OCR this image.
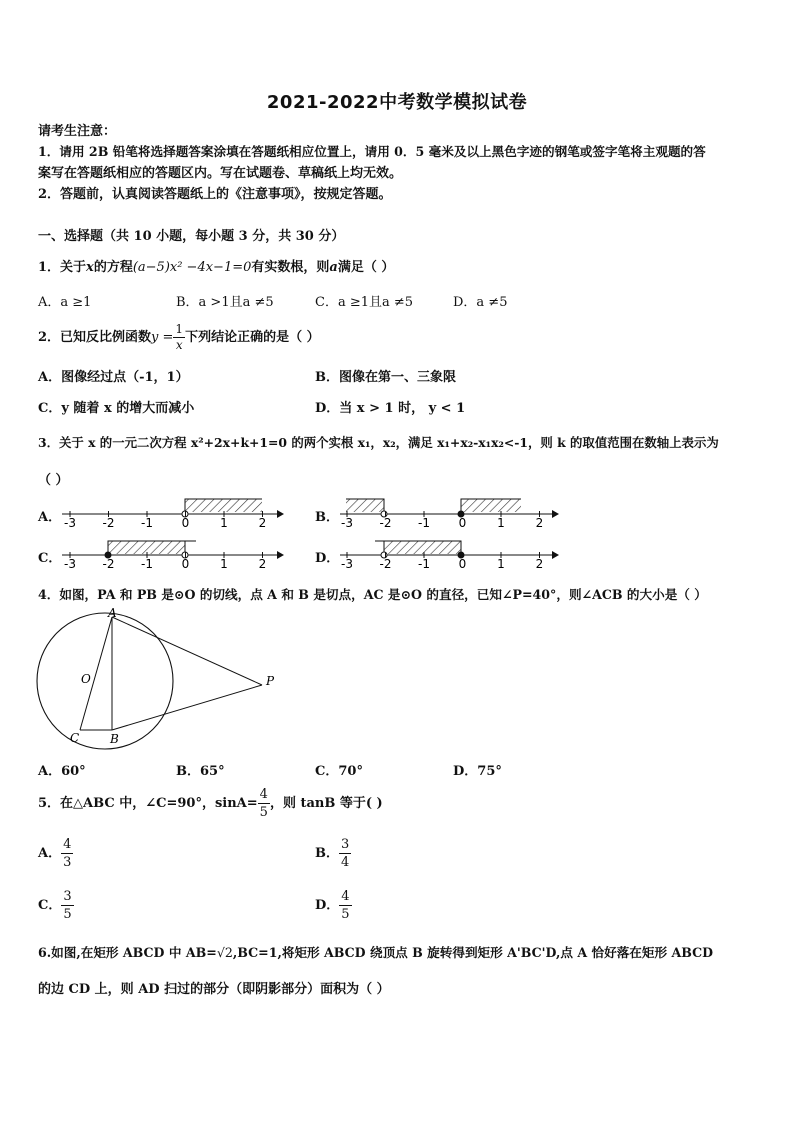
2021-2022中考数学模拟试卷
请考生注意：
1．请用 2B 铅笔将选择题答案涂填在答题纸相应位置上，请用 0．5 毫米及以上黑色字迹的钢笔或签字笔将主观题的答
案写在答题纸相应的答题区内。写在试题卷、草稿纸上均无效。
2．答题前，认真阅读答题纸上的《注意事项》，按规定答题。
一、选择题（共 10 小题，每小题 3 分，共 30 分）
1．关于x的方程(a−5)x² −4x−1=0有实数根，则a满足（ ）
A．a ≥1	B．a >1且a ≠5	C．a ≥1且a ≠5	D．a ≠5
2．已知反比例函数$y = \frac{1}{x}$ 下列结论正确的是（ ）
A．图像经过点（-1，1）	B．图像在第一、三象限
C．y 随着 x 的增大而减小	D．当 x > 1 时， y < 1
3．关于 x 的一元二次方程 x²+2x+k+1=0 的两个实根 x₁，x₂，满足 x₁+x₂-x₁x₂<-1，则 k 的取值范围在数轴上表示为
（ ）
A．	B．
C．	D．
-3 -2 -1 0	1	2	-3 -2 -1 0	1	2
-3 -2 -1 0	1	2	-3 -2 -1 0	1	2
4．如图，PA 和 PB 是⊙O 的切线，点 A 和 B 是切点，AC 是⊙O 的直径，已知∠P=40°，则∠ACB 的大小是（ ）
A
B
C
O	P
A．60°	B．65°	C．70°	D．75°
5．在△ABC 中，∠C=90°，$\sin A= \frac{4}{5}$ ，则 tanB 等于( )
A． $\frac{4}{3}$	B． $\frac{3}{4}$
C． $\frac{3}{5}$	D． $\frac{4}{5}$
6.如图,在矩形 ABCD 中 AB=√2,BC=1,将矩形 ABCD 绕顶点 B 旋转得到矩形 A'BC'D,点 A 恰好落在矩形 ABCD
的边 CD 上，则 AD 扫过的部分（即阴影部分）面积为（ ）
